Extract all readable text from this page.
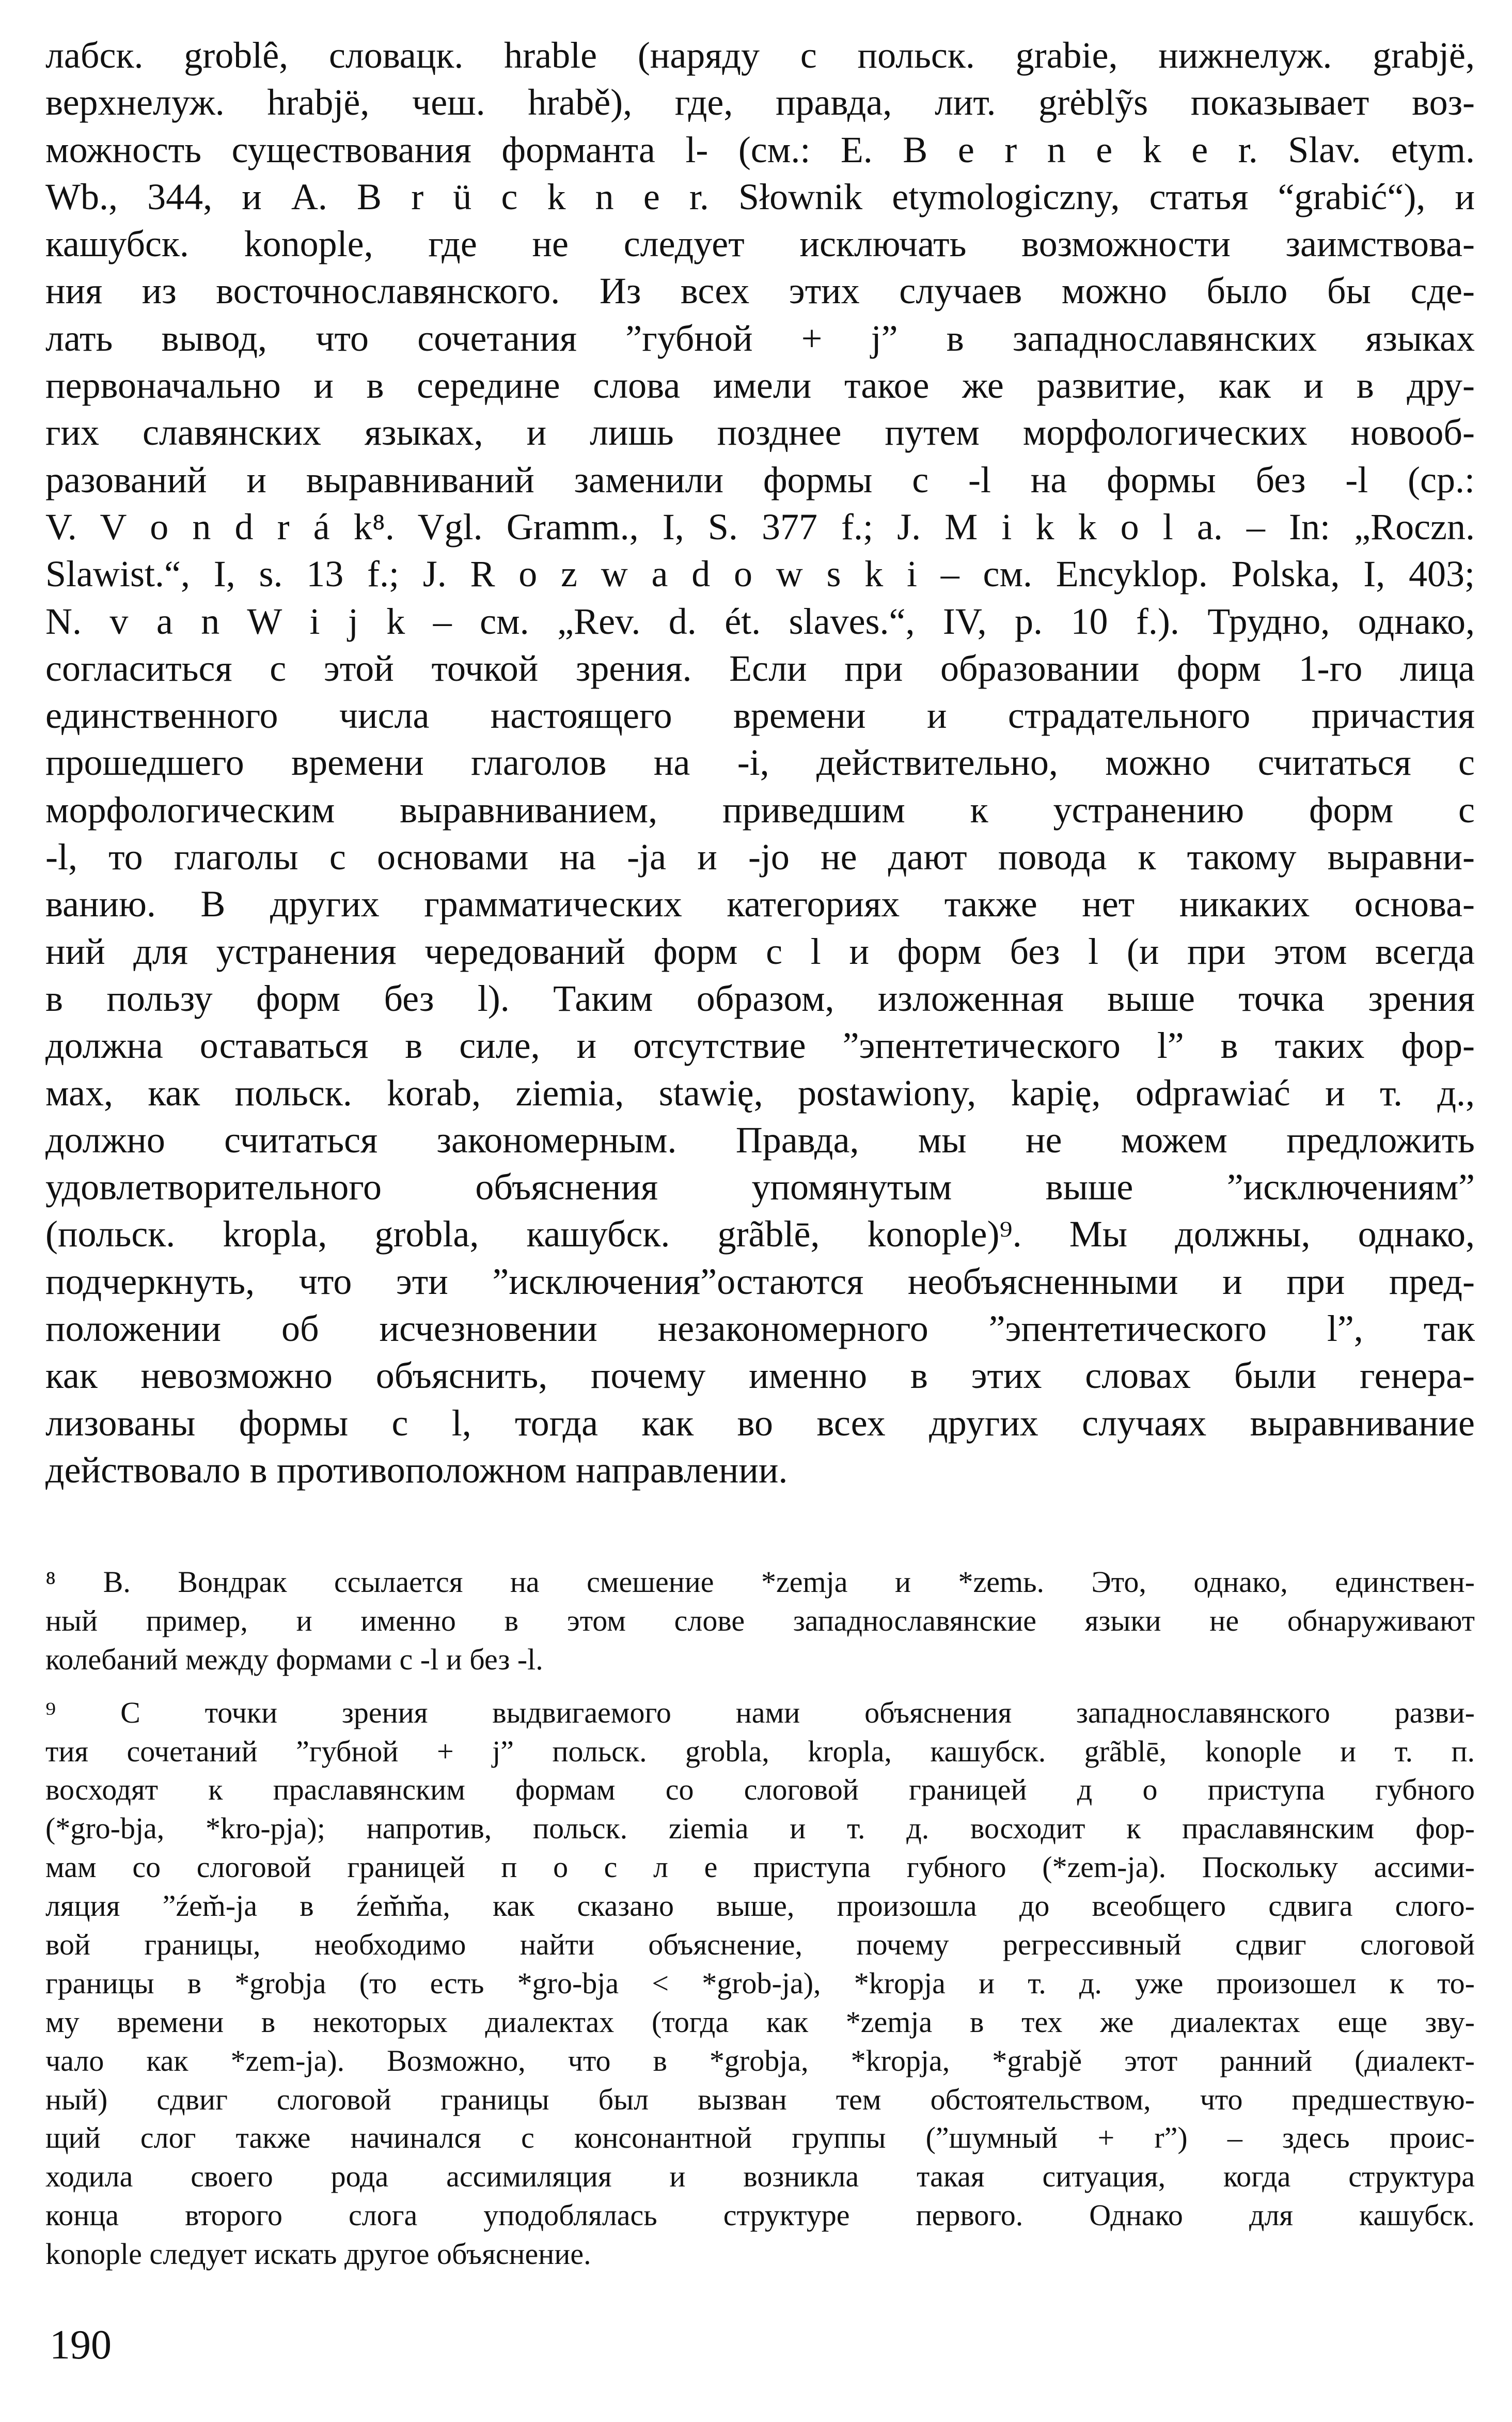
лабск. groblê, словацк. hrable (наряду с польск. grabie, нижнелуж. grabjë,
верхнелуж. hrabjë, чеш. hrabě), где, правда, лит. grėblỹs показывает воз-
можность существования форманта l- (см.: E. B e r n e k e r. Slav. etym.
Wb., 344, и A. B r ü c k n e r. Słownik etymologiczny, статья “grabić“), и
кашубск. konople, где не следует исключать возможности заимствова-
ния из восточнославянского. Из всех этих случаев можно было бы сде-
лать вывод, что сочетания ”губной + j” в западнославянских языках
первоначально и в середине слова имели такое же развитие, как и в дру-
гих славянских языках, и лишь позднее путем морфологических новооб-
разований и выравниваний заменили формы с -l на формы без -l (ср.:
V. V o n d r á k⁸. Vgl. Gramm., I, S. 377 f.; J. M i k k o l a. – In: „Roczn.
Slawist.“, I, s. 13 f.; J. R o z w a d o w s k i – см. Encyklop. Polska, I, 403;
N. v a n W i j k – см. „Rev. d. ét. slaves.“, IV, p. 10 f.). Трудно, однако,
согласиться с этой точкой зрения. Если при образовании форм 1-го лица
единственного числа настоящего времени и страдательного причастия
прошедшего времени глаголов на -i, действительно, можно считаться с
морфологическим выравниванием, приведшим к устранению форм с
-l, то глаголы с основами на -ja и -jo не дают повода к такому выравни-
ванию. В других грамматических категориях также нет никаких основа-
ний для устранения чередований форм с l и форм без l (и при этом всегда
в пользу форм без l). Таким образом, изложенная выше точка зрения
должна оставаться в силе, и отсутствие ”эпентетического l” в таких фор-
мах, как польск. korab, ziemia, stawię, postawiony, kapię, odprawiać и т. д.,
должно считаться закономерным. Правда, мы не можем предложить
удовлетворительного объяснения упомянутым выше ”исключениям”
(польск. kropla, grobla, кашубск. grãblē, konople)⁹. Мы должны, однако,
подчеркнуть, что эти ”исключения”остаются необъясненными и при пред-
положении об исчезновении незакономерного ”эпентетического l”, так
как невозможно объяснить, почему именно в этих словах были генера-
лизованы формы с l, тогда как во всех других случаях выравнивание
действовало в противоположном направлении.
⁸ В. Вондрак ссылается на смешение *zemja и *zemь. Это, однако, единствен-
ный пример, и именно в этом слове западнославянские языки не обнаруживают
колебаний между формами с -l и без -l.
⁹ С точки зрения выдвигаемого нами объяснения западнославянского разви-
тия сочетаний ”губной + j” польск. grobla, kropla, кашубск. grãblē, konople и т. п.
восходят к праславянским формам со слоговой границей д о приступа губного
(*gro-bja, *kro-pja); напротив, польск. ziemia и т. д. восходит к праславянским фор-
мам со слоговой границей п о с л е приступа губного (*zem-ja). Поскольку ассими-
ляция ”źem̆-ja в źem̆m̆a, как сказано выше, произошла до всеобщего сдвига слого-
вой границы, необходимо найти объяснение, почему регрессивный сдвиг слоговой
границы в *grobja (то есть *gro-bja < *grob-ja), *kropja и т. д. уже произошел к то-
му времени в некоторых диалектах (тогда как *zemja в тех же диалектах еще зву-
чало как *zem-ja). Возможно, что в *grobja, *kropja, *grabjě этот ранний (диалект-
ный) сдвиг слоговой границы был вызван тем обстоятельством, что предшествую-
щий слог также начинался с консонантной группы (”шумный + r”) – здесь проис-
ходила своего рода ассимиляция и возникла такая ситуация, когда структура
конца второго слога уподоблялась структуре первого. Однако для кашубск.
konople следует искать другое объяснение.
190
